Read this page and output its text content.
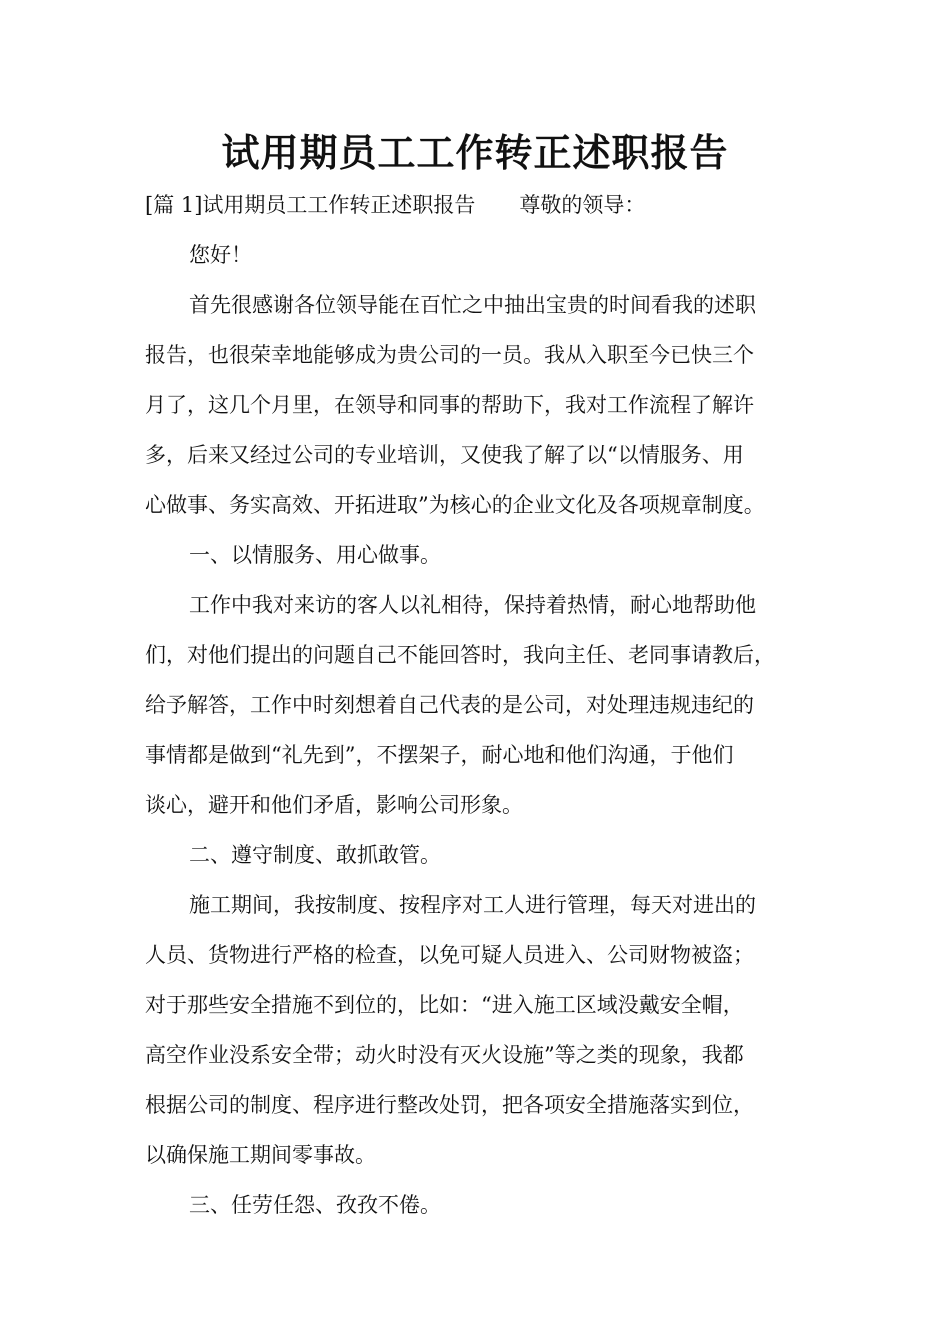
试用期员工工作转正述职报告
[篇 1]试用期员工工作转正述职报告 尊敬的领导：
您好！
首先很感谢各位领导能在百忙之中抽出宝贵的时间看我的述职
报告，也很荣幸地能够成为贵公司的一员。我从入职至今已快三个
月了，这几个月里，在领导和同事的帮助下，我对工作流程了解许
多，后来又经过公司的专业培训，又使我了解了以“以情服务、用
心做事、务实高效、开拓进取”为核心的企业文化及各项规章制度。
一、以情服务、用心做事。
工作中我对来访的客人以礼相待，保持着热情，耐心地帮助他
们，对他们提出的问题自己不能回答时，我向主任、老同事请教后，
给予解答，工作中时刻想着自己代表的是公司，对处理违规违纪的
事情都是做到“礼先到”，不摆架子，耐心地和他们沟通，于他们
谈心，避开和他们矛盾，影响公司形象。
二、遵守制度、敢抓敢管。
施工期间，我按制度、按程序对工人进行管理，每天对进出的
人员、货物进行严格的检查，以免可疑人员进入、公司财物被盗；
对于那些安全措施不到位的，比如：“进入施工区域没戴安全帽，
高空作业没系安全带；动火时没有灭火设施”等之类的现象，我都
根据公司的制度、程序进行整改处罚，把各项安全措施落实到位，
以确保施工期间零事故。
三、任劳任怨、孜孜不倦。
